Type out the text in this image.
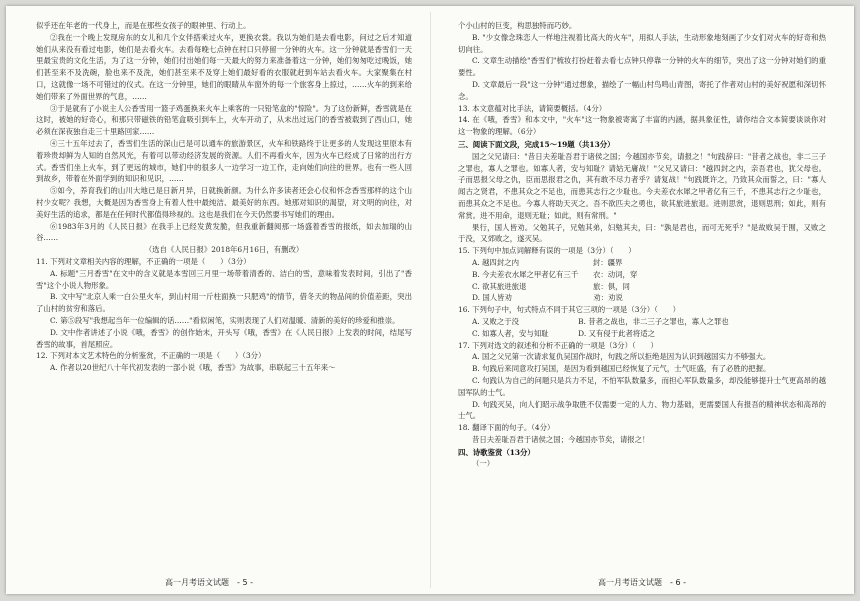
似乎还在年老的一代身上，而是在那些女孩子的眼神里、行动上。

②我在一个晚上发现房东的女儿和几个女伴搭乘过火车，更换衣裳。我以为她们是去看电影，问过之后才知道她们从来没有看过电影，她们是去看火车。去看每晚七点钟在村口只停留一分钟的火车。这一分钟就是香雪们一天里最宝贵的文化生活，为了这一分钟，她们付出她们每一天最大的努力来准备着这一分钟，她们匆匆吃过晚饭，她们甚至来不及洗碗，脸也来不及洗，她们甚至来不及穿上她们最好看的衣服就赶到车站去看火车。大家聚集在村口，这就像一场不可错过的仪式。在这一分钟里，她们的眼睛从车窗外的每一个旅客身上掠过，……火车的到来给她们带来了外面世界的气息，……

③于是就有了小说主人公香雪用一篮子鸡蛋换来火车上乘客的一只铅笔盒的"惊险"。为了这份新鲜，香雪就是在这时，被她的好奇心，和那只带磁铁的铅笔盒吸引到车上，火车开动了，从未出过远门的香雪被载到了西山口，她必须在深夜独自走三十里路回家……

④三十五年过去了，香雪们生活的深山已是可以通车的旅游景区，火车和铁路终于让更多的人发现这里原本有着珍贵却鲜为人知的自然风光，有着可以带动经济发展的资源。人们不再看火车，因为火车已经成了日常的出行方式。香雪们坐上火车，到了更远的城市，她们中的很多人一边学习一边工作，走向她们向往的世界。也有一些人回到故乡，带着在外面学到的知识和见识，……

⑤如今，养育我们的山川大地已是日新月异，日就换新颜。为什么许多读者还会心仪和怀念香雪那样的这个山村少女呢？我想，大概是因为香雪身上有着人性中最纯洁、最美好的东西。她那对知识的渴望，对文明的向往，对美好生活的追求，都是在任何时代都值得珍视的。这也是我们在今天仍然要书写她们的理由。

⑥1983年3月的《人民日报》在我手上已经发黄发脆，但我重新翻阅那一场盛着香雪的报纸，如去加瑞的山谷……

（选自《人民日报》2018年6月16日，有删改）

11. 下列对文章相关内容的理解，不正确的一项是（　　）（3分）

A. 标题"三月香雪"在文中的含义就是本雪回三月里一场带着清香的、洁白的雪，意味着发表时间，引出了"香雪"这个小说人物形象。

B. 文中写"北京人乘一白公里火车，到山村用一斤柱面换一只肥鸡"的情节，借冬天的物品间的价值差距，突出了山村的贫穷和落后。

C. 第⑤段写"我想起当年一位编辑的话……"看似闲笔，实则表现了人们对温暖、清新的美好的珍爱和推崇。

D. 文中作者讲述了小说《哦，香雪》的创作始末，开头写《哦，香雪》在《人民日报》上发表的时间，结尾写香雪的故事，首尾照应。

12. 下列对本文艺术特色的分析鉴赏，不正确的一项是（　　）（3分）

A. 作者以20世纪八十年代初发表的一部小说《哦，香雪》为故事，串联起三十五年来～

个小山村的巨变，构思独特而巧妙。

B. "少女像念珠恋人一样地注视着比高大的火车"，用拟人手法，生动形象地刻画了少女们对火车的好奇和热切向往。

C. 文章生动描绘"香雪们"梳妆打扮赶着去看七点钟只停靠一分钟的火车的细节，突出了这一分钟对她们的重要性。

D. 文章最后一段"这一分钟"通过想象，描绘了一幅山村鸟鸣山青图，寄托了作者对山村的美好祝愿和深切怀念。

13. 本文意蕴对比手法，请简要概括。（4分）

14. 在《哦，香雪》和本文中，"火车"这一物象被寄寓了丰富的内涵，据具象征性，请你结合文本简要谈谈你对这一物象的理解。（6分）

三、阅读下面文段，完成15～19题（共13分）

国之父兄请曰："昔日夫差耻吾君于诸侯之国；今越国亦节矣，请报之！"句践辞曰："昔者之战也，非二三子之罪也，寡人之罪也。如寡人者，安与知耻？请姑无庸战！"父兄又请曰："越四封之内，亲吾君也，犹父母也。子而思报父母之仇，臣而思报君之仇，其有敢不尽力者乎？请复战！"句践既许之，乃致其众而誓之，曰："寡人闻古之贤君，不患其众之不足也，而患其志行之少耻也。今夫差衣水犀之甲者亿有三千，不患其志行之少耻也，而患其众之不足也。今寡人将助天灭之。吾不欲匹夫之勇也，欲其旅进旅退。进则思赏，退则思刑；如此，则有常赏。进不用命，退则无耻；如此，则有常刑。"

果行，国人皆劝。父勉其子，兄勉其弟，妇勉其夫，曰："孰是君也，而可无死乎？"是故败吴于囿，又败之于没，又郊败之，遂灭吴。

15. 下列句中加点词解释有误的一项是（3分）（　　）

A. 越四封之内　　　　　　　　　　封：疆界

B. 今夫差衣水犀之甲者亿有三千　　衣：动词，穿

C. 欲其旅进旅退　　　　　　　　　旅：俱，同

D. 国人皆劝　　　　　　　　　　　劝：劝说

16. 下列句子中，句式特点不同于其它三项的一项是（3分）（　　）

A. 又败之于没　　　　　　　　B. 昔者之战也，非二三子之罪也，寡人之罪也

C. 如寡人者，安与知耻　　　　D. 又有侵于此者将适之

17. 下列对选文的叙述和分析不正确的一项是（3分）（　　）

A. 国之父兄第一次请求复仇吴国作战时，句践之所以拒绝是因为认识到越国实力不够强大。

B. 句践后来同意攻打吴国，是因为看到越国已经恢复了元气，士气旺盛，有了必胜的把握。

C. 句践认为自己的问题只是兵力不足，不怕军队数量多，而担心军队数量多，却没能够提升士气更高昂的越国军队的士气。

D. 句践灭吴，向人们昭示战争取胜不仅需要一定的人力、物力基础，更需要国人有报吾的精神状态和高昂的士气。

18. 翻译下面的句子。（4分）

昔日夫差耻吾君于诸侯之国；今越国亦节矣，请报之！

四、诗歌鉴赏（13分）

（一）

高一月考语文试题　- 5 -	高一月考语文试题　- 6 -
